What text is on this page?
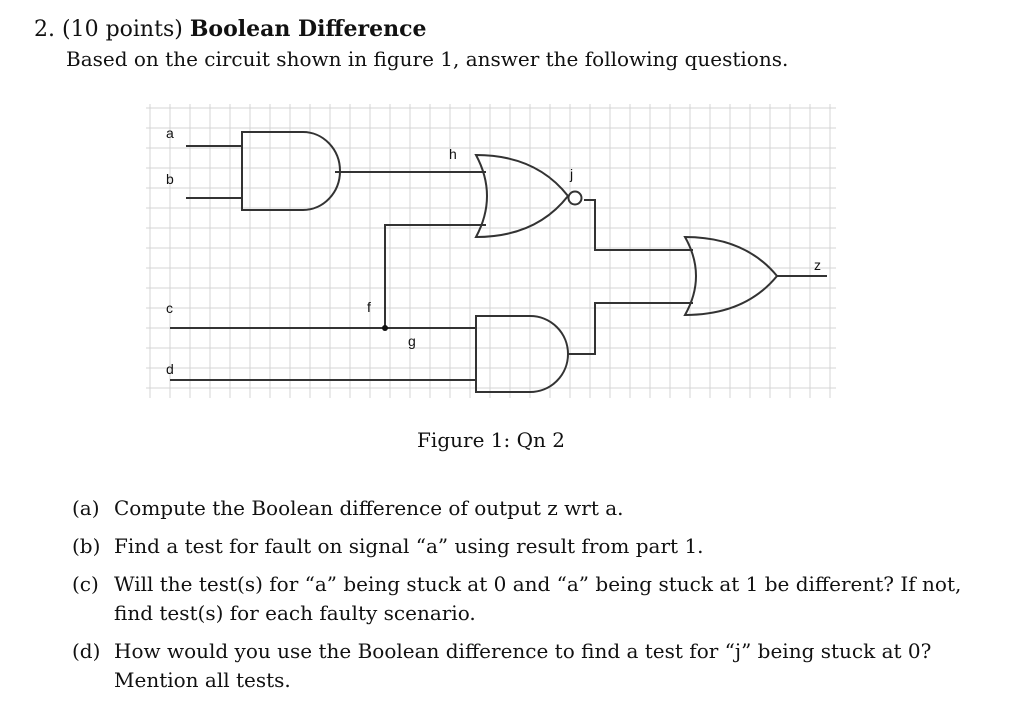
2. (10 points) Boolean Difference
Based on the circuit shown in figure 1, answer the following questions.
a
b
c
d
f
g
h
j
z
Figure 1: Qn 2
(a) Compute the Boolean difference of output z wrt a.
(b) Find a test for fault on signal “a” using result from part 1.
(c) Will the test(s) for “a” being stuck at 0 and “a” being stuck at 1 be different? If not, find test(s) for each faulty scenario.
(d) How would you use the Boolean difference to find a test for “j” being stuck at 0? Mention all tests.
